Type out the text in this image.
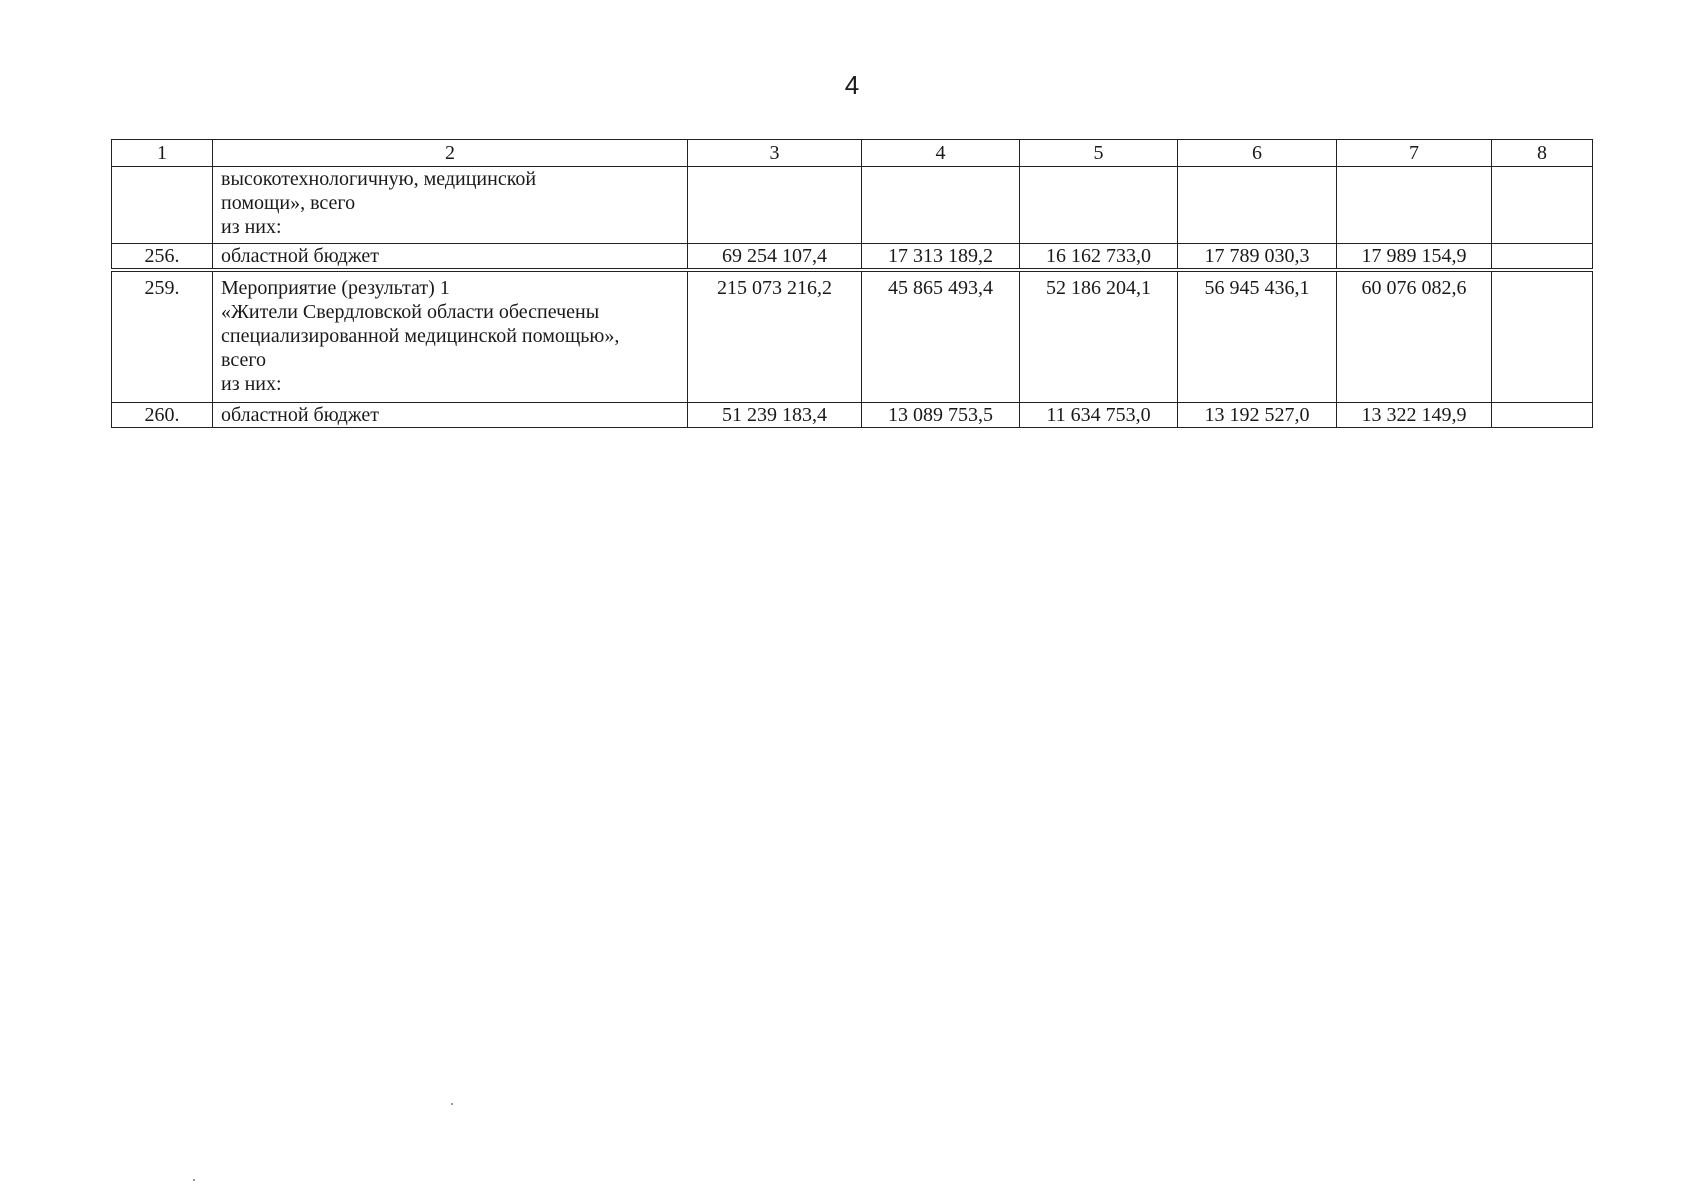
4
1	2	3	4	5	6	7	8

	высокотехнологичную, медицинской
помощи», всего
из них:						

256.	областной бюджет	69 254 107,4	17 313 189,2	16 162 733,0	17 789 030,3	17 989 154,9	
259.	Мероприятие (результат) 1
«Жители Свердловской области обеспечены
специализированной медицинской помощью»,
всего
из них:	215 073 216,2	45 865 493,4	52 186 204,1	56 945 436,1	60 076 082,6	
260.	областной бюджет	51 239 183,4	13 089 753,5	11 634 753,0	13 192 527,0	13 322 149,9	
